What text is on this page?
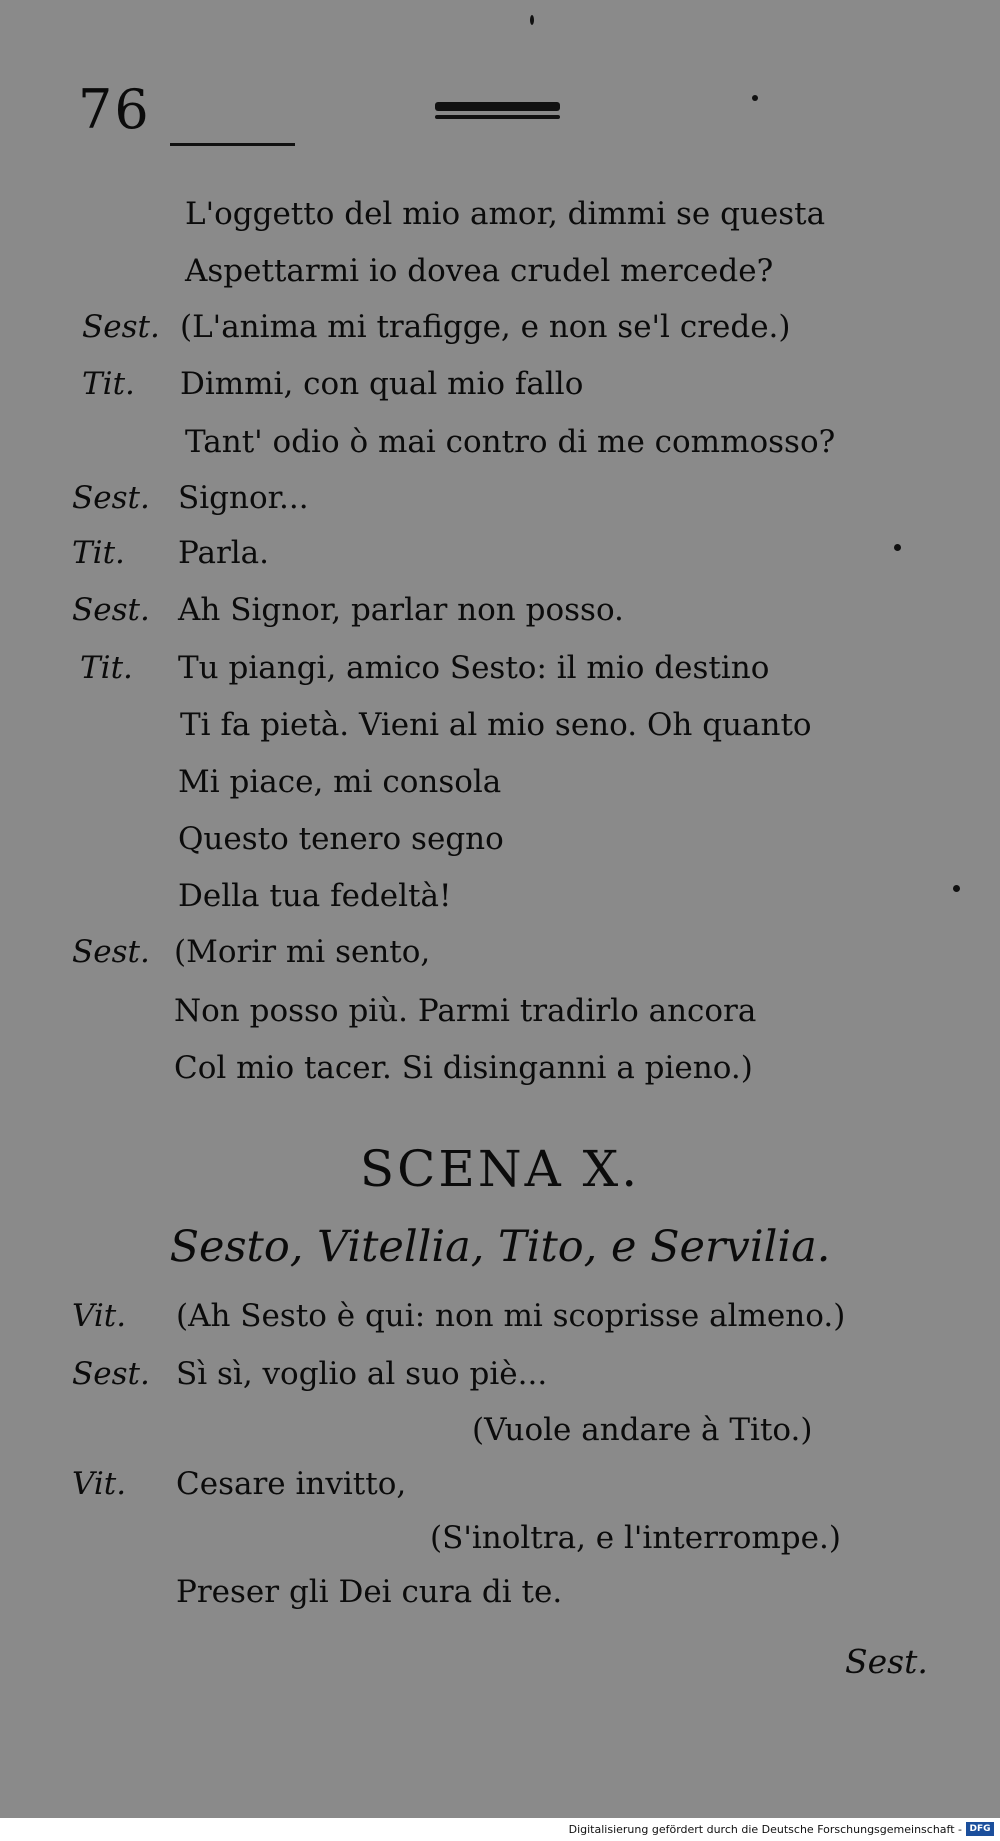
76
L'oggetto del mio amor, dimmi se questa
Aspettarmi io dovea crudel mercede?
Sest. (L'anima mi trafigge, e non se'l crede.)
Tit. Dimmi, con qual mio fallo
Tant' odio ò mai contro di me commosso?
Sest. Signor...
Tit. Parla.
Sest. Ah Signor, parlar non posso.
Tit. Tu piangi, amico Sesto: il mio destino
Ti fa pietà. Vieni al mio seno. Oh quanto
Mi piace, mi consola
Questo tenero segno
Della tua fedeltà!
Sest. (Morir mi sento,
Non posso più. Parmi tradirlo ancora
Col mio tacer. Si disinganni a pieno.)
SCENA X.
Sesto, Vitellia, Tito, e Servilia.
Vit. (Ah Sesto è qui: non mi scoprisse almeno.)
Sest. Sì sì, voglio al suo piè...
(Vuole andare à Tito.)
Vit. Cesare invitto,
(S'inoltra, e l'interrompe.)
Preser gli Dei cura di te.
Sest.
Digitalisierung gefördert durch die Deutsche Forschungsgemeinschaft - DFG
